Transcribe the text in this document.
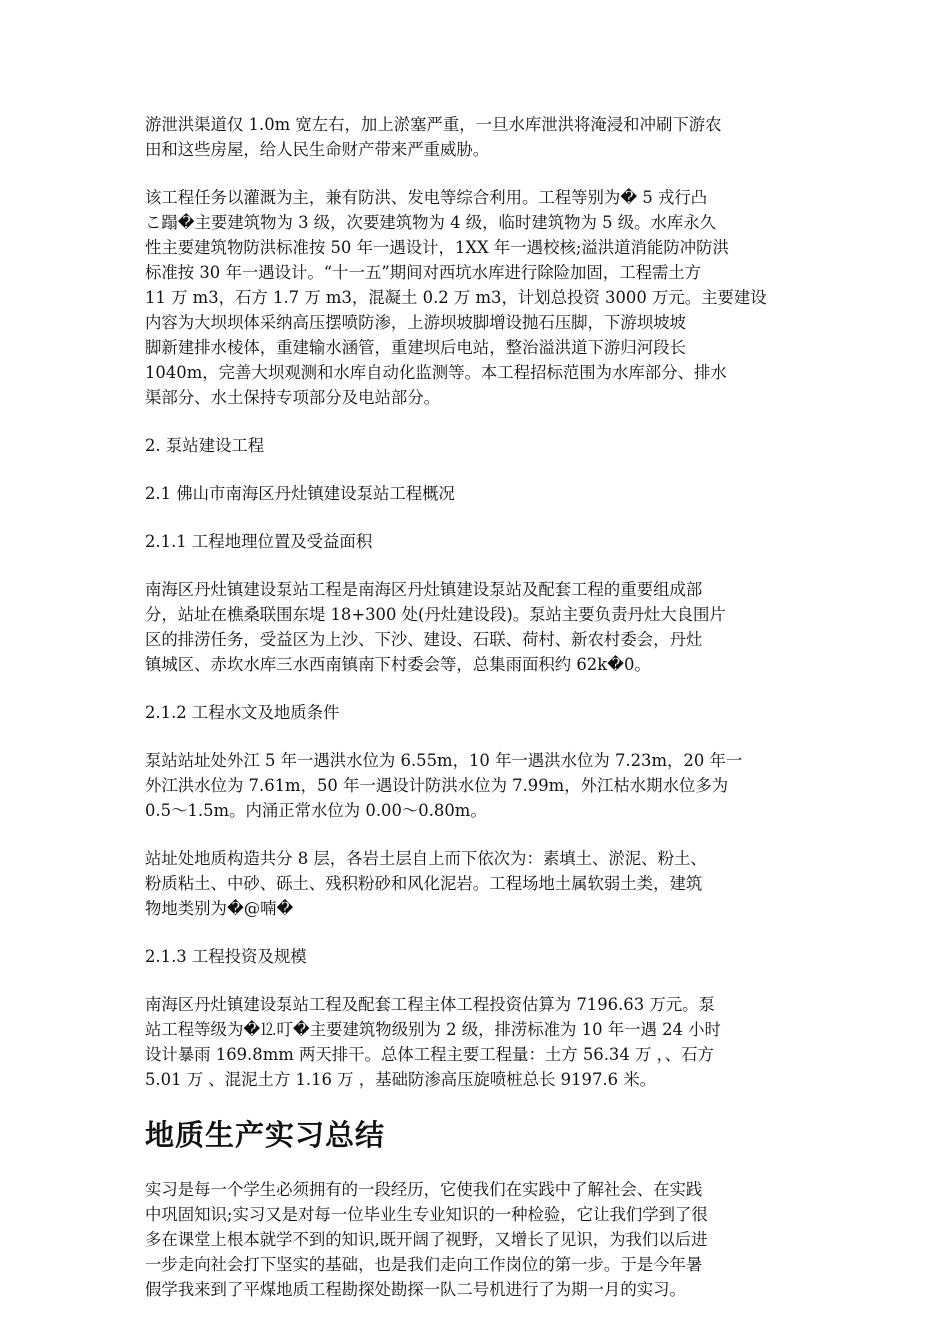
游泄洪渠道仅 1.0m 宽左右，加上淤塞严重，一旦水库泄洪将淹浸和冲刷下游农
田和这些房屋，给人民生命财产带来严重威胁。

该工程任务以灌溉为主，兼有防洪、发电等综合利用。工程等别为� 5 戎行凸
こ蹋�主要建筑物为 3 级，次要建筑物为 4 级，临时建筑物为 5 级。水库永久
性主要建筑物防洪标准按 50 年一遇设计，1XX 年一遇校核;溢洪道消能防冲防洪
标准按 30 年一遇设计。“十一五”期间对西坑水库进行除险加固，工程需土方
11 万 m3，石方 1.7 万 m3，混凝土 0.2 万 m3，计划总投资 3000 万元。主要建设
内容为大坝坝体采纳高压摆喷防渗，上游坝坡脚增设抛石压脚，下游坝坡坡
脚新建排水棱体，重建输水涵管，重建坝后电站，整治溢洪道下游归河段长
1040m，完善大坝观测和水库自动化监测等。本工程招标范围为水库部分、排水
渠部分、水土保持专项部分及电站部分。

2. 泵站建设工程

2.1 佛山市南海区丹灶镇建设泵站工程概况

2.1.1 工程地理位置及受益面积

南海区丹灶镇建设泵站工程是南海区丹灶镇建设泵站及配套工程的重要组成部
分，站址在樵桑联围东堤 18+300 处(丹灶建设段)。泵站主要负责丹灶大良围片
区的排涝任务，受益区为上沙、下沙、建设、石联、荷村、新农村委会，丹灶
镇城区、赤坎水库三水西南镇南下村委会等，总集雨面积约 62k�0。

2.1.2 工程水文及地质条件

泵站站址处外江 5 年一遇洪水位为 6.55m，10 年一遇洪水位为 7.23m，20 年一
外江洪水位为 7.61m，50 年一遇设计防洪水位为 7.99m，外江枯水期水位多为
0.5～1.5m。内涌正常水位为 0.00～0.80m。

站址处地质构造共分 8 层，各岩土层自上而下依次为：素填土、淤泥、粉土、
粉质粘土、中砂、砾土、残积粉砂和风化泥岩。工程场地土属软弱土类，建筑
物地类别为�@喃�

2.1.3 工程投资及规模

南海区丹灶镇建设泵站工程及配套工程主体工程投资估算为 7196.63 万元。泵
站工程等级为�⒓叮�主要建筑物级别为 2 级，排涝标准为 10 年一遇 24 小时
设计暴雨 169.8mm 两天排干。总体工程主要工程量：土方 56.34 万 ，、石方
5.01 万 、混泥土方 1.16 万 ，基础防渗高压旋喷桩总长 9197.6 米。

地质生产实习总结

实习是每一个学生必须拥有的一段经历，它使我们在实践中了解社会、在实践
中巩固知识;实习又是对每一位毕业生专业知识的一种检验，它让我们学到了很
多在课堂上根本就学不到的知识,既开阔了视野，又增长了见识，为我们以后进
一步走向社会打下坚实的基础，也是我们走向工作岗位的第一步。于是今年暑
假学我来到了平煤地质工程勘探处勘探一队二号机进行了为期一月的实习。
